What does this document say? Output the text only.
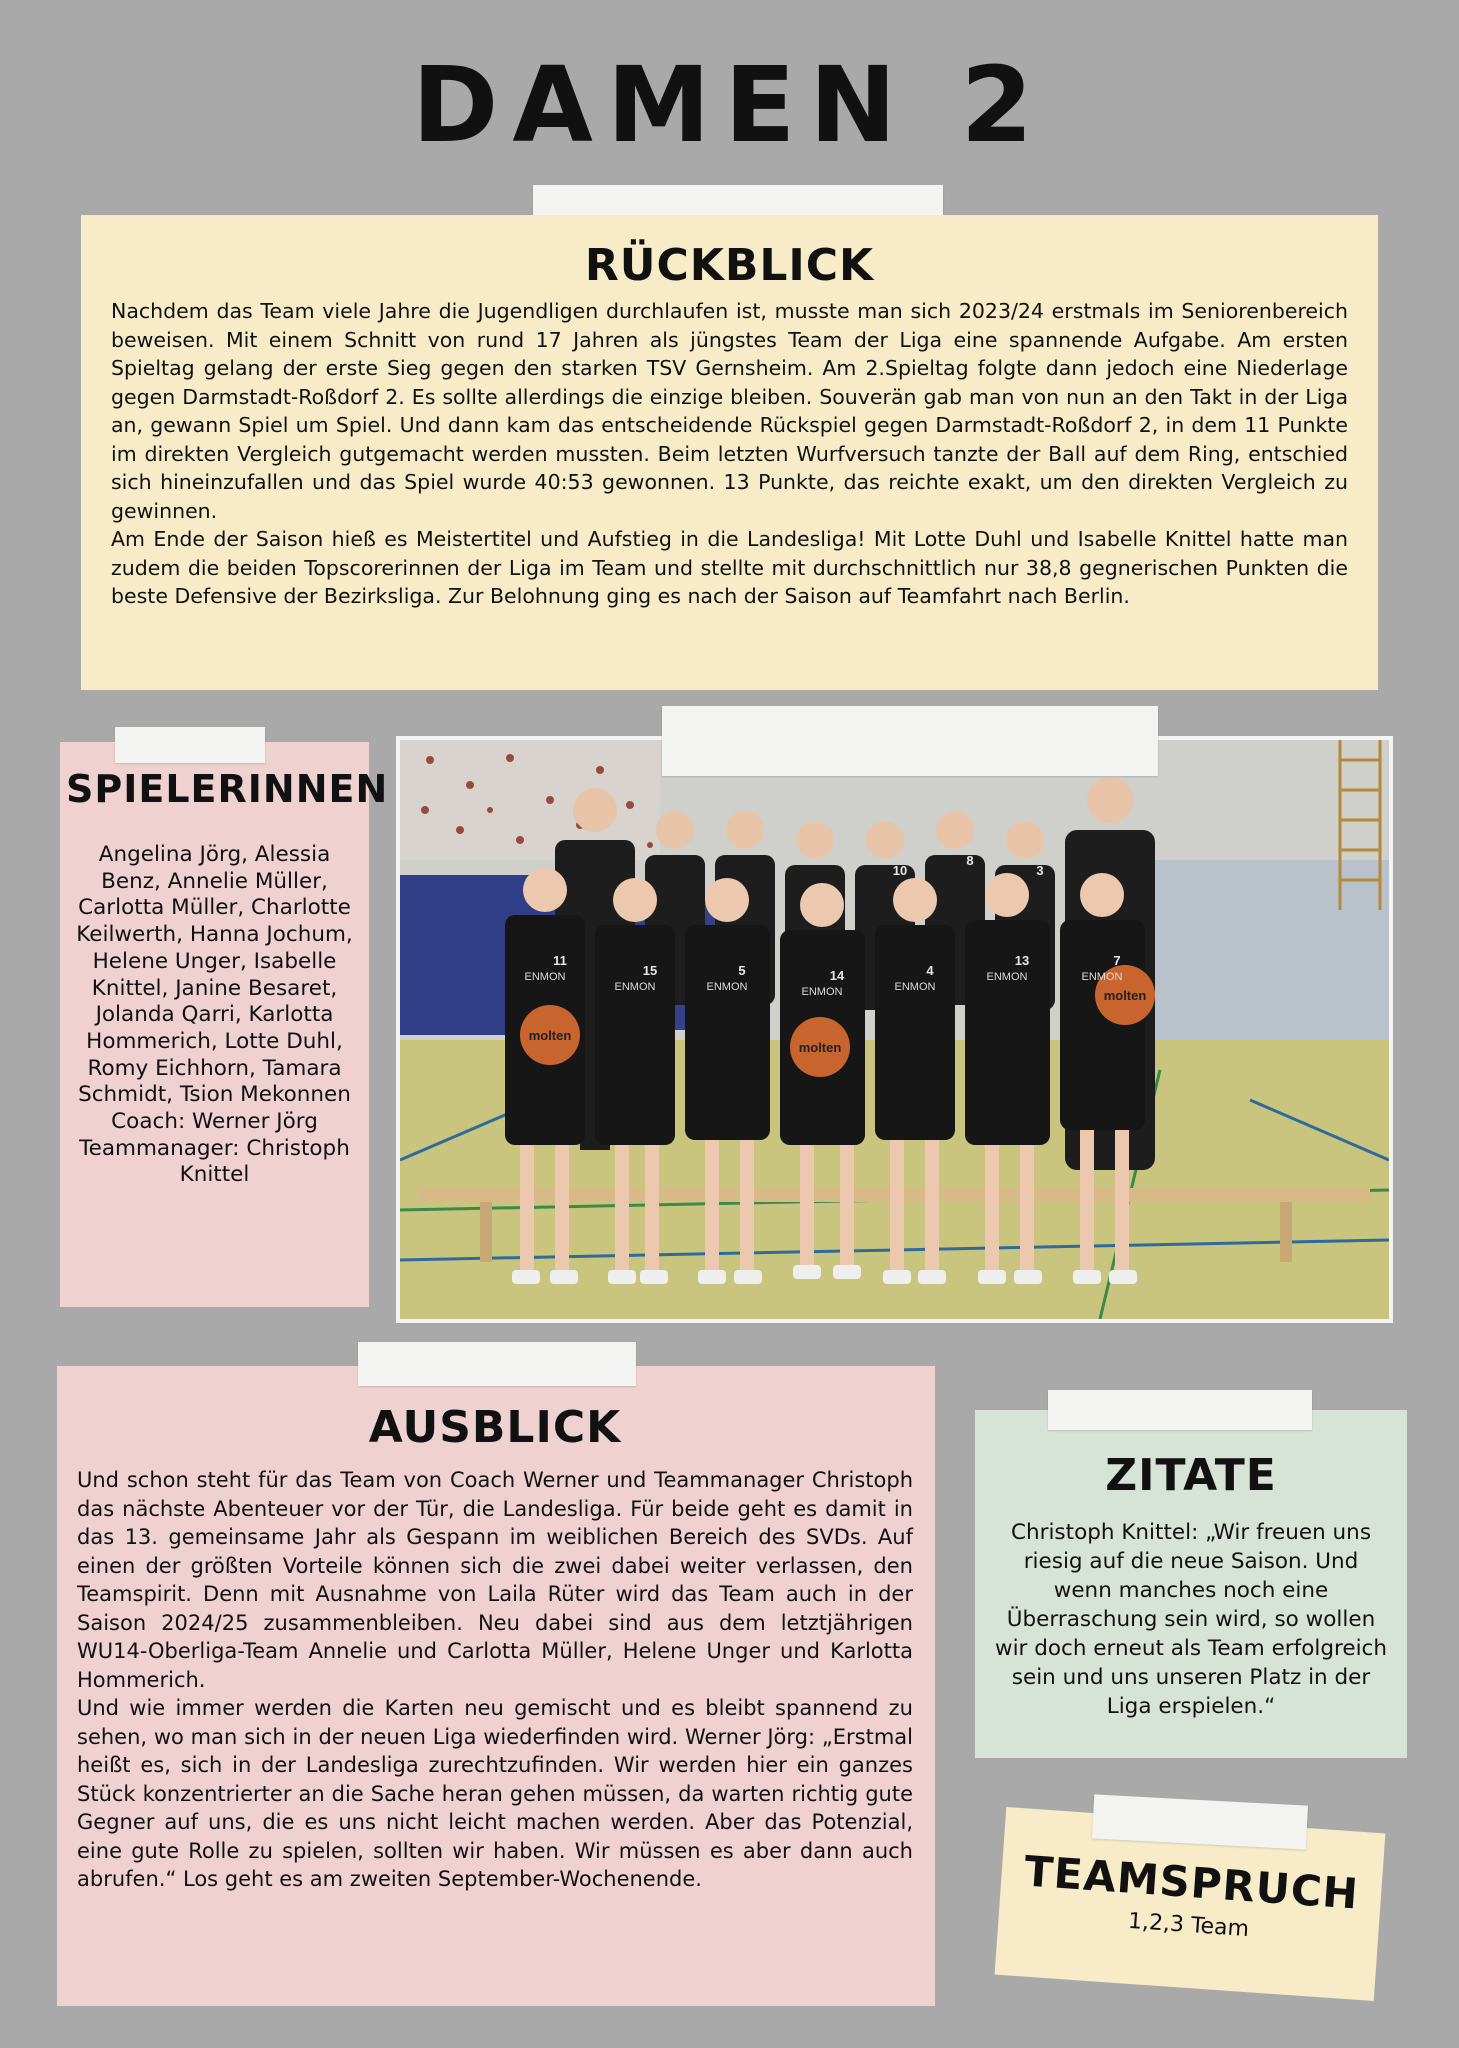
DAMEN 2
RÜCKBLICK

Nachdem das Team viele Jahre die Jugendligen durchlaufen ist, musste man sich 2023/24 erstmals im Seniorenbereich beweisen. Mit einem Schnitt von rund 17 Jahren als jüngstes Team der Liga eine spannende Aufgabe. Am ersten Spieltag gelang der erste Sieg gegen den starken TSV Gernsheim. Am 2.Spieltag folgte dann jedoch eine Niederlage gegen Darmstadt-Roßdorf 2. Es sollte allerdings die einzige bleiben. Souverän gab man von nun an den Takt in der Liga an, gewann Spiel um Spiel. Und dann kam das entscheidende Rückspiel gegen Darmstadt-Roßdorf 2, in dem 11 Punkte im direkten Vergleich gutgemacht werden mussten. Beim letzten Wurfversuch tanzte der Ball auf dem Ring, entschied sich hineinzufallen und das Spiel wurde 40:53 gewonnen. 13 Punkte, das reichte exakt, um den direkten Vergleich zu gewinnen.
Am Ende der Saison hieß es Meistertitel und Aufstieg in die Landesliga! Mit Lotte Duhl und Isabelle Knittel hatte man zudem die beiden Topscorerinnen der Liga im Team und stellte mit durchschnittlich nur 38,8 gegnerischen Punkten die beste Defensive der Bezirksliga. Zur Belohnung ging es nach der Saison auf Teamfahrt nach Berlin.

SPIELERINNEN

Angelina Jörg, Alessia Benz, Annelie Müller, Carlotta Müller, Charlotte Keilwerth, Hanna Jochum, Helene Unger, Isabelle Knittel, Janine Besaret, Jolanda Qarri, Karlotta Hommerich, Lotte Duhl, Romy Eichhorn, Tamara Schmidt, Tsion Mekonnen
Coach: Werner Jörg
Teammanager: Christoph Knittel

molten
molten
molten
ENMON
ENMON	ENMON	ENMON	ENMON
ENMON	ENMON
11
15	5	14	4
13	7
10
8
3
AUSBLICK

Und schon steht für das Team von Coach Werner und Teammanager Christoph das nächste Abenteuer vor der Tür, die Landesliga. Für beide geht es damit in das 13. gemeinsame Jahr als Gespann im weiblichen Bereich des SVDs. Auf einen der größten Vorteile können sich die zwei dabei weiter verlassen, den Teamspirit. Denn mit Ausnahme von Laila Rüter wird das Team auch in der Saison 2024/25 zusammenbleiben. Neu dabei sind aus dem letztjährigen WU14-Oberliga-Team Annelie und Carlotta Müller, Helene Unger und Karlotta Hommerich.
Und wie immer werden die Karten neu gemischt und es bleibt spannend zu sehen, wo man sich in der neuen Liga wiederfinden wird. Werner Jörg: „Erstmal heißt es, sich in der Landesliga zurechtzufinden. Wir werden hier ein ganzes Stück konzentrierter an die Sache heran gehen müssen, da warten richtig gute Gegner auf uns, die es uns nicht leicht machen werden. Aber das Potenzial, eine gute Rolle zu spielen, sollten wir haben. Wir müssen es aber dann auch abrufen.“ Los geht es am zweiten September-Wochenende.

ZITATE

Christoph Knittel: „Wir freuen uns riesig auf die neue Saison. Und wenn manches noch eine Überraschung sein wird, so wollen wir doch erneut als Team erfolgreich sein und uns unseren Platz in der Liga erspielen.“

TEAMSPRUCH

1,2,3 Team
